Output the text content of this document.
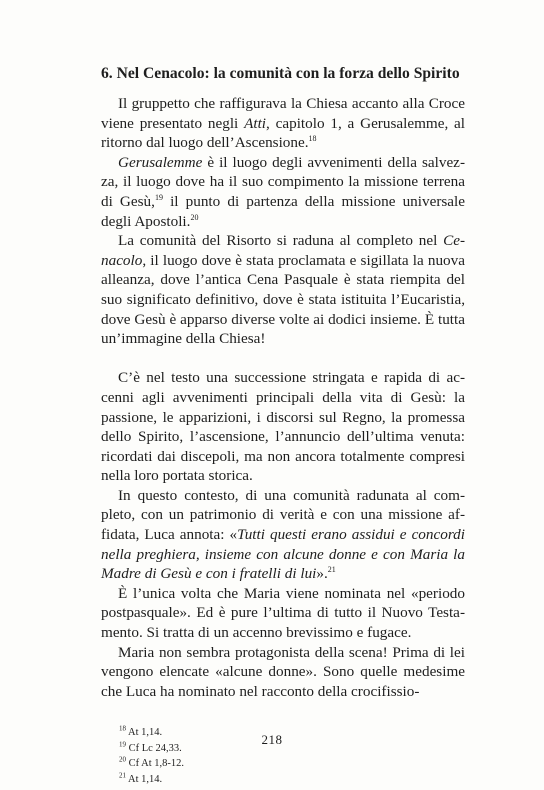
6. Nel Cenacolo: la comunità con la forza dello Spirito

Il gruppetto che raffigurava la Chiesa accanto alla Croce viene presentato negli Atti, capitolo 1, a Gerusalemme, al ritorno dal luogo dell’Ascensione.$^{18}$

Gerusalemme è il luogo degli avvenimenti della salvezza, il luogo dove ha il suo compimento la missione terrena di Gesù,$^{19}$ il punto di partenza della missione universale degli Apostoli.$^{20}$

La comunità del Risorto si raduna al completo nel Cenacolo, il luogo dove è stata proclamata e sigillata la nuova alleanza, dove l’antica Cena Pasquale è stata riempita del suo significato definitivo, dove è stata istituita l’Eucaristia, dove Gesù è apparso diverse volte ai dodici insieme. È tutta un’immagine della Chiesa!

C’è nel testo una successione stringata e rapida di accenni agli avvenimenti principali della vita di Gesù: la passione, le apparizioni, i discorsi sul Regno, la promessa dello Spirito, l’ascensione, l’annuncio dell’ultima venuta: ricordati dai discepoli, ma non ancora totalmente compresi nella loro portata storica.

In questo contesto, di una comunità radunata al completo, con un patrimonio di verità e con una missione affidata, Luca annota: «Tutti questi erano assidui e concordi nella preghiera, insieme con alcune donne e con Maria la Madre di Gesù e con i fratelli di lui».$^{21}$

È l’unica volta che Maria viene nominata nel «periodo postpasquale». Ed è pure l’ultima di tutto il Nuovo Testamento. Si tratta di un accenno brevissimo e fugace.

Maria non sembra protagonista della scena! Prima di lei vengono elencate «alcune donne». Sono quelle medesime che Luca ha nominato nel racconto della crocifissio-

$^{18}$ At 1,14.
$^{19}$ Cf Lc 24,33.
$^{20}$ Cf At 1,8-12.
$^{21}$ At 1,14.
218
